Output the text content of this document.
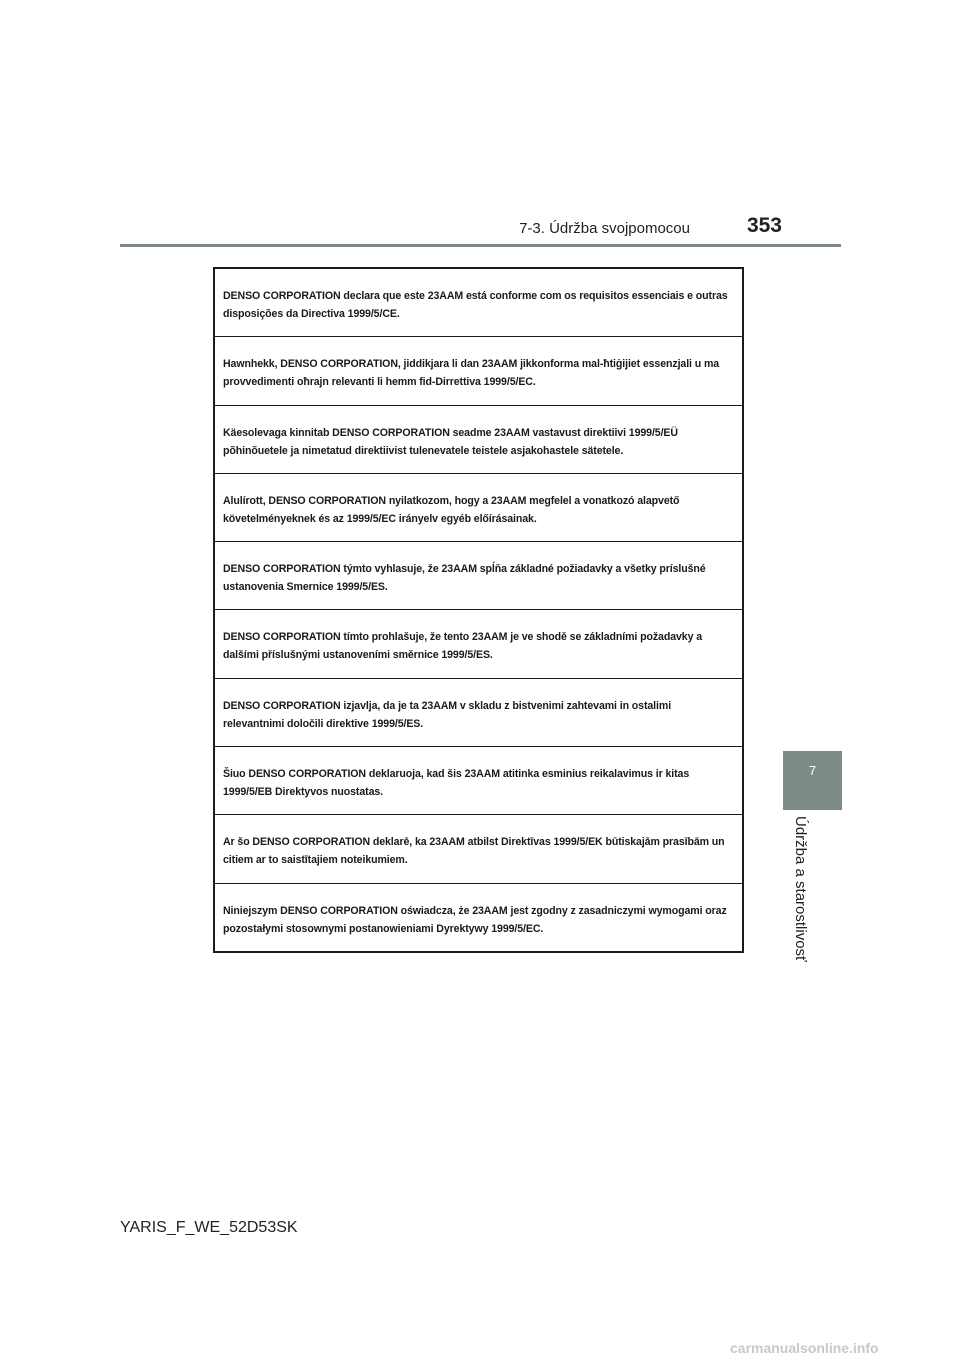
7-3. Údržba svojpomocou	353
7
Údržba a starostlivosť
DENSO CORPORATION declara que este 23AAM está conforme com os requisitos essenciais e outras disposições da Directiva 1999/5/CE.
Hawnhekk, DENSO CORPORATION, jiddikjara li dan 23AAM jikkonforma mal-ħtiġijiet essenzjali u ma provvedimenti oħrajn relevanti li hemm fid-Dirrettiva 1999/5/EC.
Käesolevaga kinnitab DENSO CORPORATION seadme 23AAM vastavust direktiivi 1999/5/EÜ põhinõuetele ja nimetatud direktiivist tulenevatele teistele asjakohastele sätetele.
Alulírott, DENSO CORPORATION nyilatkozom, hogy a 23AAM megfelel a vonatkozó alapvető követelményeknek és az 1999/5/EC irányelv egyéb előírásainak.
DENSO CORPORATION týmto vyhlasuje, že 23AAM spĺňa základné požiadavky a všetky príslušné ustanovenia Smernice 1999/5/ES.
DENSO CORPORATION tímto prohlašuje, že tento 23AAM je ve shodě se základními požadavky a dalšími příslušnými ustanoveními směrnice 1999/5/ES.
DENSO CORPORATION izjavlja, da je ta 23AAM v skladu z bistvenimi zahtevami in ostalimi relevantnimi določili direktive 1999/5/ES.
Šiuo DENSO CORPORATION deklaruoja, kad šis 23AAM atitinka esminius reikalavimus ir kitas 1999/5/EB Direktyvos nuostatas.
Ar šo DENSO CORPORATION deklarē, ka 23AAM atbilst Direktīvas 1999/5/EK būtiskajām prasībām un citiem ar to saistītajiem noteikumiem.
Niniejszym DENSO CORPORATION oświadcza, że 23AAM jest zgodny z zasadniczymi wymogami oraz pozostałymi stosownymi postanowieniami Dyrektywy 1999/5/EC.
YARIS_F_WE_52D53SK
carmanualsonline.info
